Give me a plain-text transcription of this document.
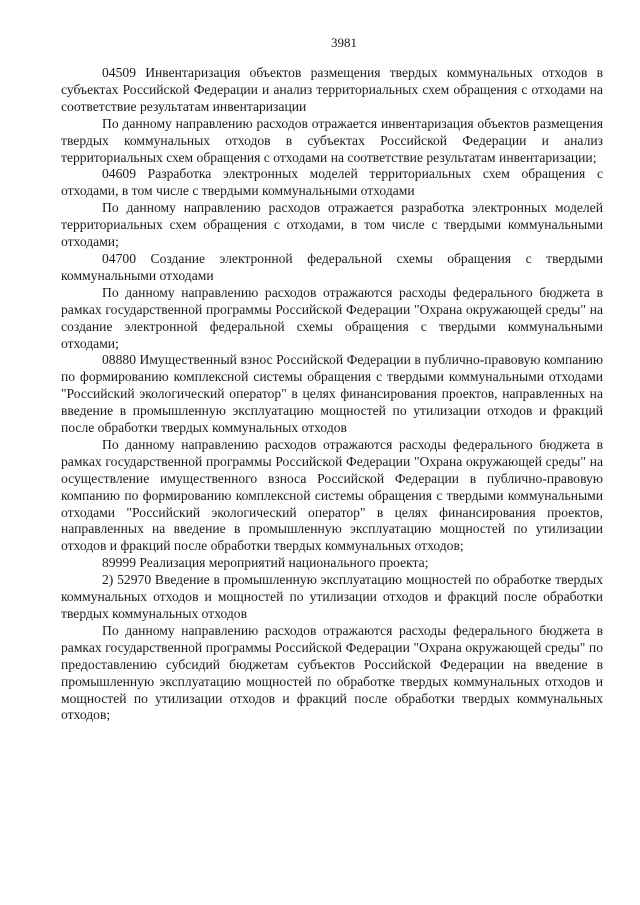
3981

04509 Инвентаризация объектов размещения твердых коммунальных отходов в субъектах Российской Федерации и анализ территориальных схем обращения с отходами на соответствие результатам инвентаризации

По данному направлению расходов отражается инвентаризация объектов размещения твердых коммунальных отходов в субъектах Российской Федерации и анализ территориальных схем обращения с отходами на соответствие результатам инвентаризации;

04609 Разработка электронных моделей территориальных схем обращения с отходами, в том числе с твердыми коммунальными отходами

По данному направлению расходов отражается разработка электронных моделей территориальных схем обращения с отходами, в том числе с твердыми коммунальными отходами;

04700 Создание электронной федеральной схемы обращения с твердыми коммунальными отходами

По данному направлению расходов отражаются расходы федерального бюджета в рамках государственной программы Российской Федерации "Охрана окружающей среды" на создание электронной федеральной схемы обращения с твердыми коммунальными отходами;

08880 Имущественный взнос Российской Федерации в публично-правовую компанию по формированию комплексной системы обращения с твердыми коммунальными отходами "Российский экологический оператор" в целях финансирования проектов, направленных на введение в промышленную эксплуатацию мощностей по утилизации отходов и фракций после обработки твердых коммунальных отходов

По данному направлению расходов отражаются расходы федерального бюджета в рамках государственной программы Российской Федерации "Охрана окружающей среды" на осуществление имущественного взноса Российской Федерации в публично-правовую компанию по формированию комплексной системы обращения с твердыми коммунальными отходами "Российский экологический оператор" в целях финансирования проектов, направленных на введение в промышленную эксплуатацию мощностей по утилизации отходов и фракций после обработки твердых коммунальных отходов;

89999 Реализация мероприятий национального проекта;

2) 52970 Введение в промышленную эксплуатацию мощностей по обработке твердых коммунальных отходов и мощностей по утилизации отходов и фракций после обработки твердых коммунальных отходов

По данному направлению расходов отражаются расходы федерального бюджета в рамках государственной программы Российской Федерации "Охрана окружающей среды" по предоставлению субсидий бюджетам субъектов Российской Федерации на введение в промышленную эксплуатацию мощностей по обработке твердых коммунальных отходов и мощностей по утилизации отходов и фракций после обработки твердых коммунальных отходов;
